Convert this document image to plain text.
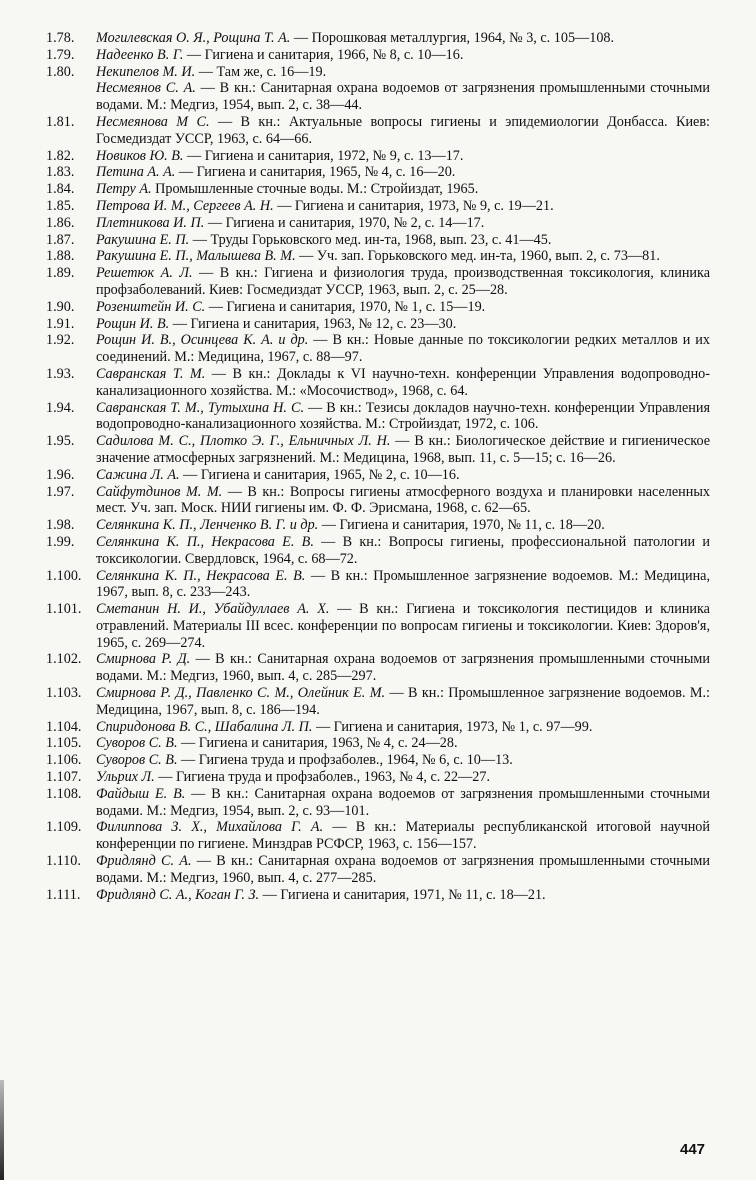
1.78.	Могилевская О. Я., Рощина Т. А. — Порошковая металлургия, 1964, № 3, с. 105—108.
1.79.	Надеенко В. Г. — Гигиена и санитария, 1966, № 8, с. 10—16.
1.80.	Некипелов М. И. — Там же, с. 16—19.
Несмеянов С. А. — В кн.: Санитарная охрана водоемов от загрязнения промышленными сточными водами. М.: Медгиз, 1954, вып. 2, с. 38—44.
1.81.	Несмеянова М С. — В кн.: Актуальные вопросы гигиены и эпидемиологии Донбасса. Киев: Госмедиздат УССР, 1963, с. 64—66.
1.82.	Новиков Ю. В. — Гигиена и санитария, 1972, № 9, с. 13—17.
1.83.	Петина А. А. — Гигиена и санитария, 1965, № 4, с. 16—20.
1.84.	Петру А. Промышленные сточные воды. М.: Стройиздат, 1965.
1.85.	Петрова И. М., Сергеев А. Н. — Гигиена и санитария, 1973, № 9, с. 19—21.
1.86.	Плетникова И. П. — Гигиена и санитария, 1970, № 2, с. 14—17.
1.87.	Ракушина Е. П. — Труды Горьковского мед. ин-та, 1968, вып. 23, с. 41—45.
1.88.	Ракушина Е. П., Малышева В. М. — Уч. зап. Горьковского мед. ин-та, 1960, вып. 2, с. 73—81.
1.89.	Решетюк А. Л. — В кн.: Гигиена и физиология труда, производственная токсикология, клиника профзаболеваний. Киев: Госмедиздат УССР, 1963, вып. 2, с. 25—28.
1.90.	Розенштейн И. С. — Гигиена и санитария, 1970, № 1, с. 15—19.
1.91.	Рощин И. В. — Гигиена и санитария, 1963, № 12, с. 23—30.
1.92.	Рощин И. В., Осинцева К. А. и др. — В кн.: Новые данные по токсикологии редких металлов и их соединений. М.: Медицина, 1967, с. 88—97.
1.93.	Савранская Т. М. — В кн.: Доклады к VI научно-техн. конференции Управления водопроводно-канализационного хозяйства. М.: «Мосочиствод», 1968, с. 64.
1.94.	Савранская Т. М., Тутыхина Н. С. — В кн.: Тезисы докладов научно-техн. конференции Управления водопроводно-канализационного хозяйства. М.: Стройиздат, 1972, с. 106.
1.95.	Садилова М. С., Плотко Э. Г., Ельничных Л. Н. — В кн.: Биологическое действие и гигиеническое значение атмосферных загрязнений. М.: Медицина, 1968, вып. 11, с. 5—15; с. 16—26.
1.96.	Сажина Л. А. — Гигиена и санитария, 1965, № 2, с. 10—16.
1.97.	Сайфутдинов М. М. — В кн.: Вопросы гигиены атмосферного воздуха и планировки населенных мест. Уч. зап. Моск. НИИ гигиены им. Ф. Ф. Эрисмана, 1968, с. 62—65.
1.98.	Селянкина К. П., Ленченко В. Г. и др. — Гигиена и санитария, 1970, № 11, с. 18—20.
1.99.	Селянкина К. П., Некрасова Е. В. — В кн.: Вопросы гигиены, профессиональной патологии и токсикологии. Свердловск, 1964, с. 68—72.
1.100.	Селянкина К. П., Некрасова Е. В. — В кн.: Промышленное загрязнение водоемов. М.: Медицина, 1967, вып. 8, с. 233—243.
1.101.	Сметанин Н. И., Убайдуллаев А. Х. — В кн.: Гигиена и токсикология пестицидов и клиника отравлений. Материалы III всес. конференции по вопросам гигиены и токсикологии. Киев: Здоров'я, 1965, с. 269—274.
1.102.	Смирнова Р. Д. — В кн.: Санитарная охрана водоемов от загрязнения промышленными сточными водами. М.: Медгиз, 1960, вып. 4, с. 285—297.
1.103.	Смирнова Р. Д., Павленко С. М., Олейник Е. М. — В кн.: Промышленное загрязнение водоемов. М.: Медицина, 1967, вып. 8, с. 186—194.
1.104.	Спиридонова В. С., Шабалина Л. П. — Гигиена и санитария, 1973, № 1, с. 97—99.
1.105.	Суворов С. В. — Гигиена и санитария, 1963, № 4, с. 24—28.
1.106.	Суворов С. В. — Гигиена труда и профзаболев., 1964, № 6, с. 10—13.
1.107.	Ульрих Л. — Гигиена труда и профзаболев., 1963, № 4, с. 22—27.
1.108.	Файдыш Е. В. — В кн.: Санитарная охрана водоемов от загрязнения промышленными сточными водами. М.: Медгиз, 1954, вып. 2, с. 93—101.
1.109.	Филиппова З. Х., Михайлова Г. А. — В кн.: Материалы республиканской итоговой научной конференции по гигиене. Минздрав РСФСР, 1963, с. 156—157.
1.110.	Фридлянд С. А. — В кн.: Санитарная охрана водоемов от загрязнения промышленными сточными водами. М.: Медгиз, 1960, вып. 4, с. 277—285.
1.111.	Фридлянд С. А., Коган Г. З. — Гигиена и санитария, 1971, № 11, с. 18—21.
447
